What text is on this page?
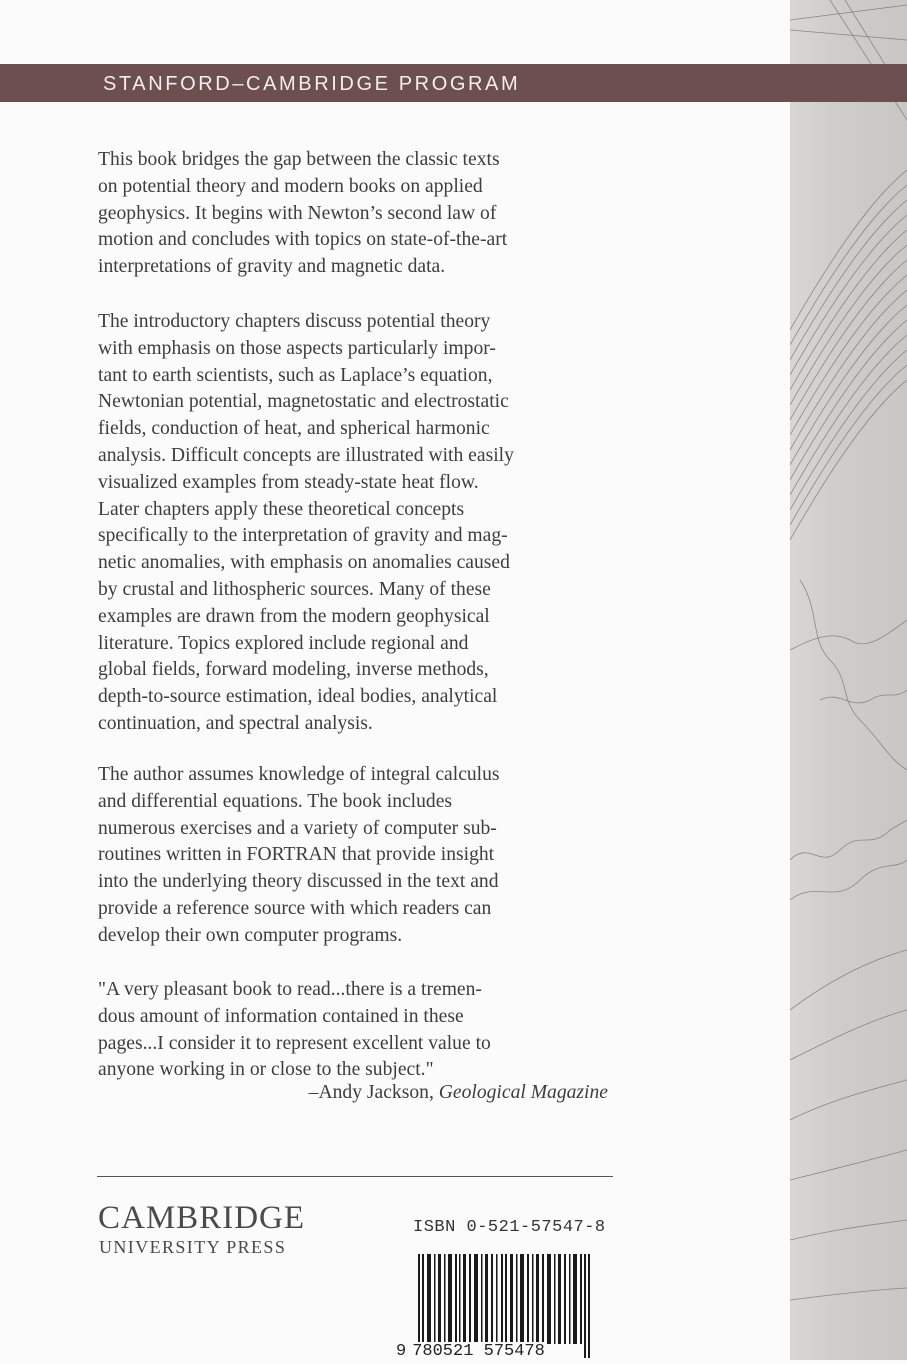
STANFORD–CAMBRIDGE PROGRAM

This book bridges the gap between the classic texts
on potential theory and modern books on applied
geophysics. It begins with Newton’s second law of
motion and concludes with topics on state-of-the-art
interpretations of gravity and magnetic data.

The introductory chapters discuss potential theory
with emphasis on those aspects particularly impor-
tant to earth scientists, such as Laplace’s equation,
Newtonian potential, magnetostatic and electrostatic
fields, conduction of heat, and spherical harmonic
analysis. Difficult concepts are illustrated with easily
visualized examples from steady-state heat flow.
Later chapters apply these theoretical concepts
specifically to the interpretation of gravity and mag-
netic anomalies, with emphasis on anomalies caused
by crustal and lithospheric sources. Many of these
examples are drawn from the modern geophysical
literature. Topics explored include regional and
global fields, forward modeling, inverse methods,
depth-to-source estimation, ideal bodies, analytical
continuation, and spectral analysis.

The author assumes knowledge of integral calculus
and differential equations. The book includes
numerous exercises and a variety of computer sub-
routines written in FORTRAN that provide insight
into the underlying theory discussed in the text and
provide a reference source with which readers can
develop their own computer programs.

"A very pleasant book to read...there is a tremen-
dous amount of information contained in these
pages...I consider it to represent excellent value to
anyone working in or close to the subject."

–Andy Jackson, Geological Magazine
CAMBRIDGE
UNIVERSITY PRESS
ISBN 0-521-57547-8
9 780521 575478
